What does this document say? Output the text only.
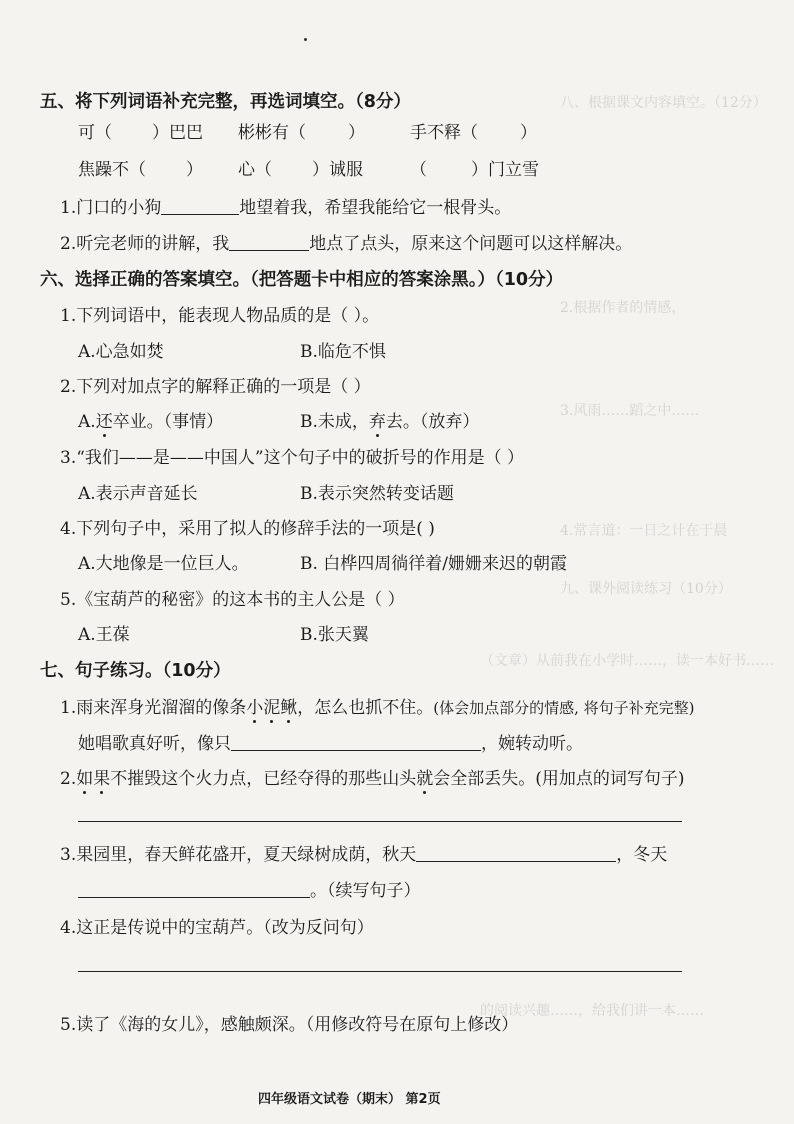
八、根据课文内容填空。（12分）
2.根据作者的情感，
3.风雨……蹈之中……
4.常言道：一日之计在于晨
九、课外阅读练习（10分）
（文章）从前我在小学时……，读一本好书……
的阅读兴趣……，给我们讲一本……
五、将下列词语补充完整，再选词填空。（8分）
可（ ）巴巴 彬彬有（ ）	手不释（ ）
焦躁不（ ） 心（ ）诚服	（	）门立雪
1.门口的小狗	地望着我，希望我能给它一根骨头。
2.听完老师的讲解，我	地点了点头，原来这个问题可以这样解决。
六、选择正确的答案填空。（把答题卡中相应的答案涂黑。）（10分）
1.下列词语中，能表现人物品质的是（ ）。
A.心急如焚	B.临危不惧
2.下列对加点字的解释正确的一项是（ ）
A.还卒业。（事情）	B.未成，弃去。（放弃）
3.“我们——是——中国人”这个句子中的破折号的作用是（ ）
A.表示声音延长	B.表示突然转变话题
4.下列句子中，采用了拟人的修辞手法的一项是( )
A.大地像是一位巨人。	B. 白桦四周徜徉着/姗姗来迟的朝霞
5.《宝葫芦的秘密》的这本书的主人公是（ ）
A.王葆	B.张天翼
七、句子练习。（10分）
1.雨来浑身光溜溜的像条小泥鳅，怎么也抓不住。(体会加点部分的情感, 将句子补充完整)
她唱歌真好听，像只	，婉转动听。
2.如果不摧毁这个火力点，已经夺得的那些山头就会全部丢失。(用加点的词写句子)
3.果园里，春天鲜花盛开，夏天绿树成荫，秋天	，冬天
。（续写句子）
4.这正是传说中的宝葫芦。（改为反问句）
5.读了《海的女儿》，感触颇深。（用修改符号在原句上修改）
四年级语文试卷（期末） 第2页
